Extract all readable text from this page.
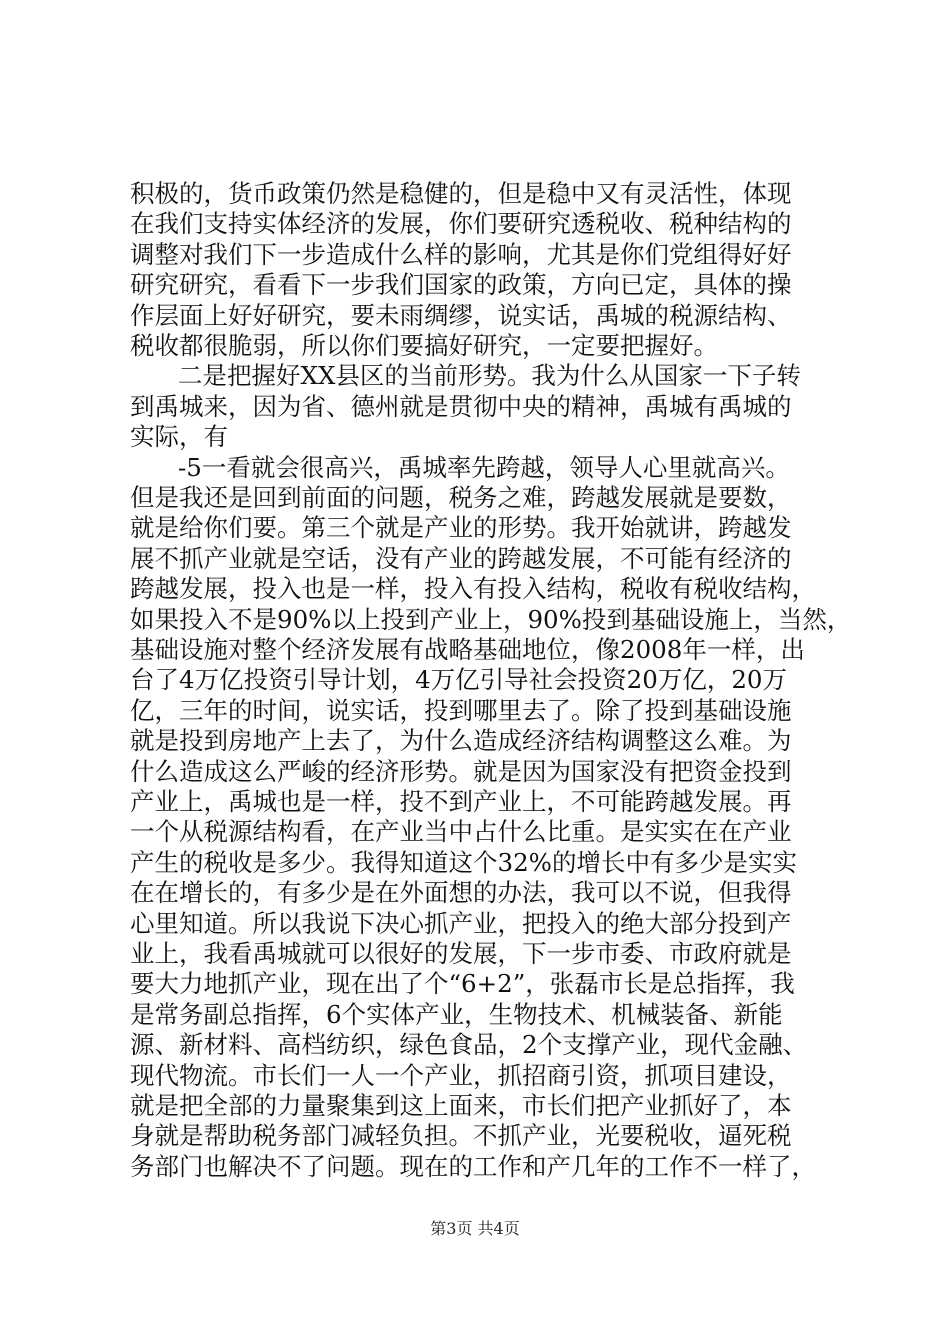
积极的，货币政策仍然是稳健的，但是稳中又有灵活性，体现
在我们支持实体经济的发展，你们要研究透税收、税种结构的
调整对我们下一步造成什么样的影响，尤其是你们党组得好好
研究研究，看看下一步我们国家的政策，方向已定，具体的操
作层面上好好研究，要未雨绸缪，说实话，禹城的税源结构、
税收都很脆弱，所以你们要搞好研究，一定要把握好。
二是把握好XX县区的当前形势。我为什么从国家一下子转
到禹城来，因为省、德州就是贯彻中央的精神，禹城有禹城的
实际，有
-5一看就会很高兴，禹城率先跨越，领导人心里就高兴。
但是我还是回到前面的问题，税务之难，跨越发展就是要数，
就是给你们要。第三个就是产业的形势。我开始就讲，跨越发
展不抓产业就是空话，没有产业的跨越发展，不可能有经济的
跨越发展，投入也是一样，投入有投入结构，税收有税收结构，
如果投入不是90%以上投到产业上，90%投到基础设施上，当然，
基础设施对整个经济发展有战略基础地位，像2008年一样，出
台了4万亿投资引导计划，4万亿引导社会投资20万亿，20万
亿，三年的时间，说实话，投到哪里去了。除了投到基础设施
就是投到房地产上去了，为什么造成经济结构调整这么难。为
什么造成这么严峻的经济形势。就是因为国家没有把资金投到
产业上，禹城也是一样，投不到产业上，不可能跨越发展。再
一个从税源结构看，在产业当中占什么比重。是实实在在产业
产生的税收是多少。我得知道这个32%的增长中有多少是实实
在在增长的，有多少是在外面想的办法，我可以不说，但我得
心里知道。所以我说下决心抓产业，把投入的绝大部分投到产
业上，我看禹城就可以很好的发展，下一步市委、市政府就是
要大力地抓产业，现在出了个“6+2”，张磊市长是总指挥，我
是常务副总指挥，6个实体产业，生物技术、机械装备、新能
源、新材料、高档纺织，绿色食品，2个支撑产业，现代金融、
现代物流。市长们一人一个产业，抓招商引资，抓项目建设，
就是把全部的力量聚集到这上面来，市长们把产业抓好了，本
身就是帮助税务部门减轻负担。不抓产业，光要税收，逼死税
务部门也解决不了问题。现在的工作和产几年的工作不一样了，
第3页 共4页
